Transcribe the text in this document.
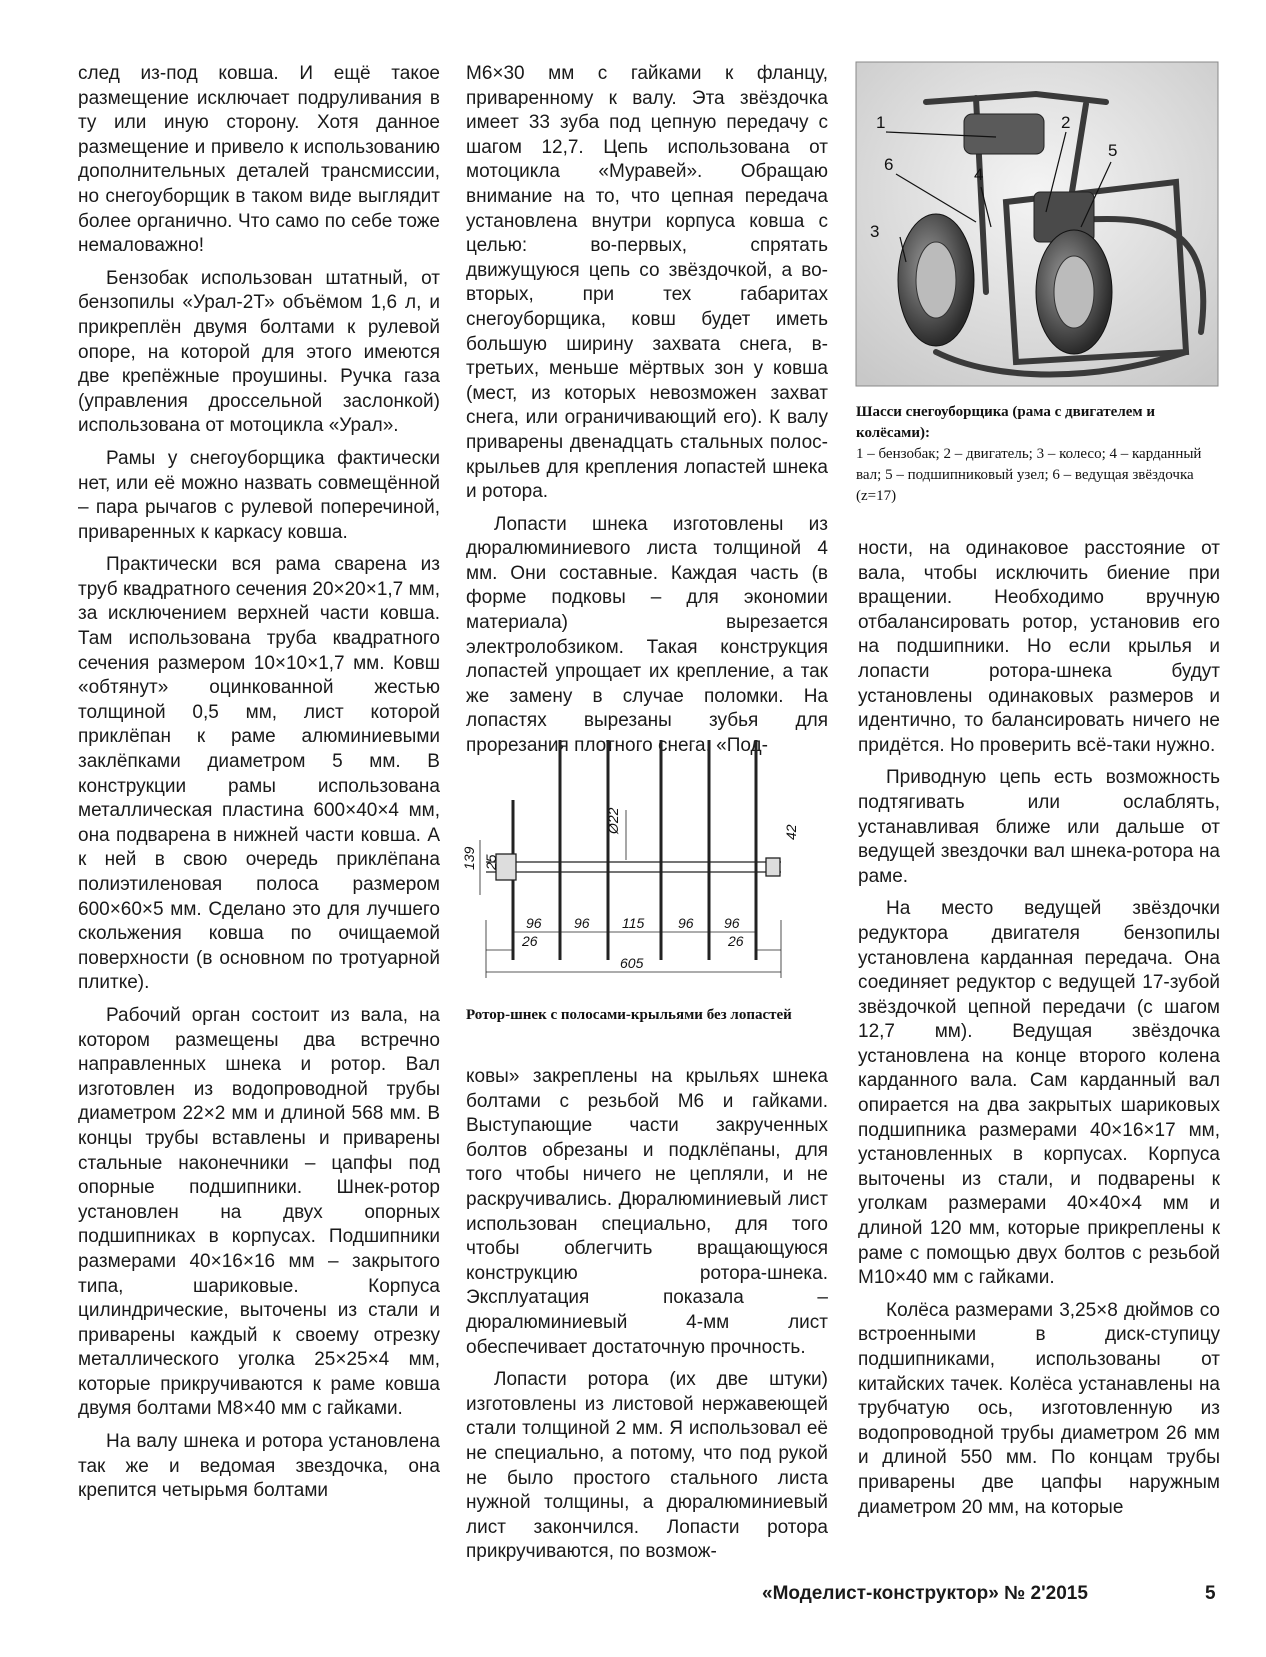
след из-под ковша. И ещё такое размещение исключает подруливания в ту или иную сторону. Хотя данное размещение и привело к использованию дополнительных деталей трансмиссии, но снегоуборщик в таком виде выглядит более органично. Что само по себе тоже немаловажно!

Бензобак использован штатный, от бензопилы «Урал-2Т» объёмом 1,6 л, и прикреплён двумя болтами к рулевой опоре, на которой для этого имеются две крепёжные проушины. Ручка газа (управления дроссельной заслонкой) использована от мотоцикла «Урал».

Рамы у снегоуборщика фактически нет, или её можно назвать совмещённой – пара рычагов с рулевой поперечиной, приваренных к каркасу ковша.

Практически вся рама сварена из труб квадратного сечения 20×20×1,7 мм, за исключением верхней части ковша. Там использована труба квадратного сечения размером 10×10×1,7 мм. Ковш «обтянут» оцинкованной жестью толщиной 0,5 мм, лист которой приклёпан к раме алюминиевыми заклёпками диаметром 5 мм. В конструкции рамы использована металлическая пластина 600×40×4 мм, она подварена в нижней части ковша. А к ней в свою очередь приклёпана полиэтиленовая полоса размером 600×60×5 мм. Сделано это для лучшего скольжения ковша по очищаемой поверхности (в основном по тротуарной плитке).

Рабочий орган состоит из вала, на котором размещены два встречно направленных шнека и ротор. Вал изготовлен из водопроводной трубы диаметром 22×2 мм и длиной 568 мм. В концы трубы вставлены и приварены стальные наконечники – цапфы под опорные подшипники. Шнек-ротор установлен на двух опорных подшипниках в корпусах. Подшипники размерами 40×16×16 мм – закрытого типа, шариковые. Корпуса цилиндрические, выточены из стали и приварены каждый к своему отрезку металлического уголка 25×25×4 мм, которые прикручиваются к раме ковша двумя болтами М8×40 мм с гайками.

На валу шнека и ротора установлена так же и ведомая звездочка, она крепится четырьмя болтами

М6×30 мм с гайками к фланцу, приваренному к валу. Эта звёздочка имеет 33 зуба под цепную передачу с шагом 12,7. Цепь использована от мотоцикла «Муравей». Обращаю внимание на то, что цепная передача установлена внутри корпуса ковша с целью: во-первых, спрятать движущуюся цепь со звёздочкой, а во-вторых, при тех габаритах снегоуборщика, ковш будет иметь большую ширину захвата снега, в-третьих, меньше мёртвых зон у ковша (мест, из которых невозможен захват снега, или ограничивающий его). К валу приварены двенадцать стальных полос-крыльев для крепления лопастей шнека и ротора.

Лопасти шнека изготовлены из дюралюминиевого листа толщиной 4 мм. Они составные. Каждая часть (в форме подковы – для экономии материала) вырезается электролобзиком. Такая конструкция лопастей упрощает их крепление, а так же замену в случае поломки. На лопастях вырезаны зубья для прорезания плотного снега. «Под-

Ø22
139 25
42
96 96 115 96 96
26	26
605
Ротор-шнек с полосами-крыльями без лопастей

ковы» закреплены на крыльях шнека болтами с резьбой М6 и гайками. Выступающие части закрученных болтов обрезаны и подклёпаны, для того чтобы ничего не цепляли, и не раскручивались. Дюралюминиевый лист использован специально, для того чтобы облегчить вращающуюся конструкцию ротора-шнека. Эксплуатация показала – дюралюминиевый 4-мм лист обеспечивает достаточную прочность.

Лопасти ротора (их две штуки) изготовлены из листовой нержавеющей стали толщиной 2 мм. Я использовал её не специально, а потому, что под рукой не было простого стального листа нужной толщины, а дюралюминиевый лист закончился. Лопасти ротора прикручиваются, по возмож-

1	2
3
4
5
6
Шасси снегоуборщика (рама с двигателем и колёсами):
1 – бензобак; 2 – двигатель; 3 – колесо; 4 – карданный вал; 5 – подшипниковый узел; 6 – ведущая звёздочка (z=17)

ности, на одинаковое расстояние от вала, чтобы исключить биение при вращении. Необходимо вручную отбалансировать ротор, установив его на подшипники. Но если крылья и лопасти ротора-шнека будут установлены одинаковых размеров и идентично, то балансировать ничего не придётся. Но проверить всё-таки нужно.

Приводную цепь есть возможность подтягивать или ослаблять, устанавливая ближе или дальше от ведущей звездочки вал шнека-ротора на раме.

На место ведущей звёздочки редуктора двигателя бензопилы установлена карданная передача. Она соединяет редуктор с ведущей 17-зубой звёздочкой цепной передачи (с шагом 12,7 мм). Ведущая звёздочка установлена на конце второго колена карданного вала. Сам карданный вал опирается на два закрытых шариковых подшипника размерами 40×16×17 мм, установленных в корпусах. Корпуса выточены из стали, и подварены к уголкам размерами 40×40×4 мм и длиной 120 мм, которые прикреплены к раме с помощью двух болтов с резьбой М10×40 мм с гайками.

Колёса размерами 3,25×8 дюймов со встроенными в диск-ступицу подшипниками, использованы от китайских тачек. Колёса устанавлены на трубчатую ось, изготовленную из водопроводной трубы диаметром 26 мм и длиной 550 мм. По концам трубы приварены две цапфы наружным диаметром 20 мм, на которые

«Моделист-конструктор» № 2'2015	5
